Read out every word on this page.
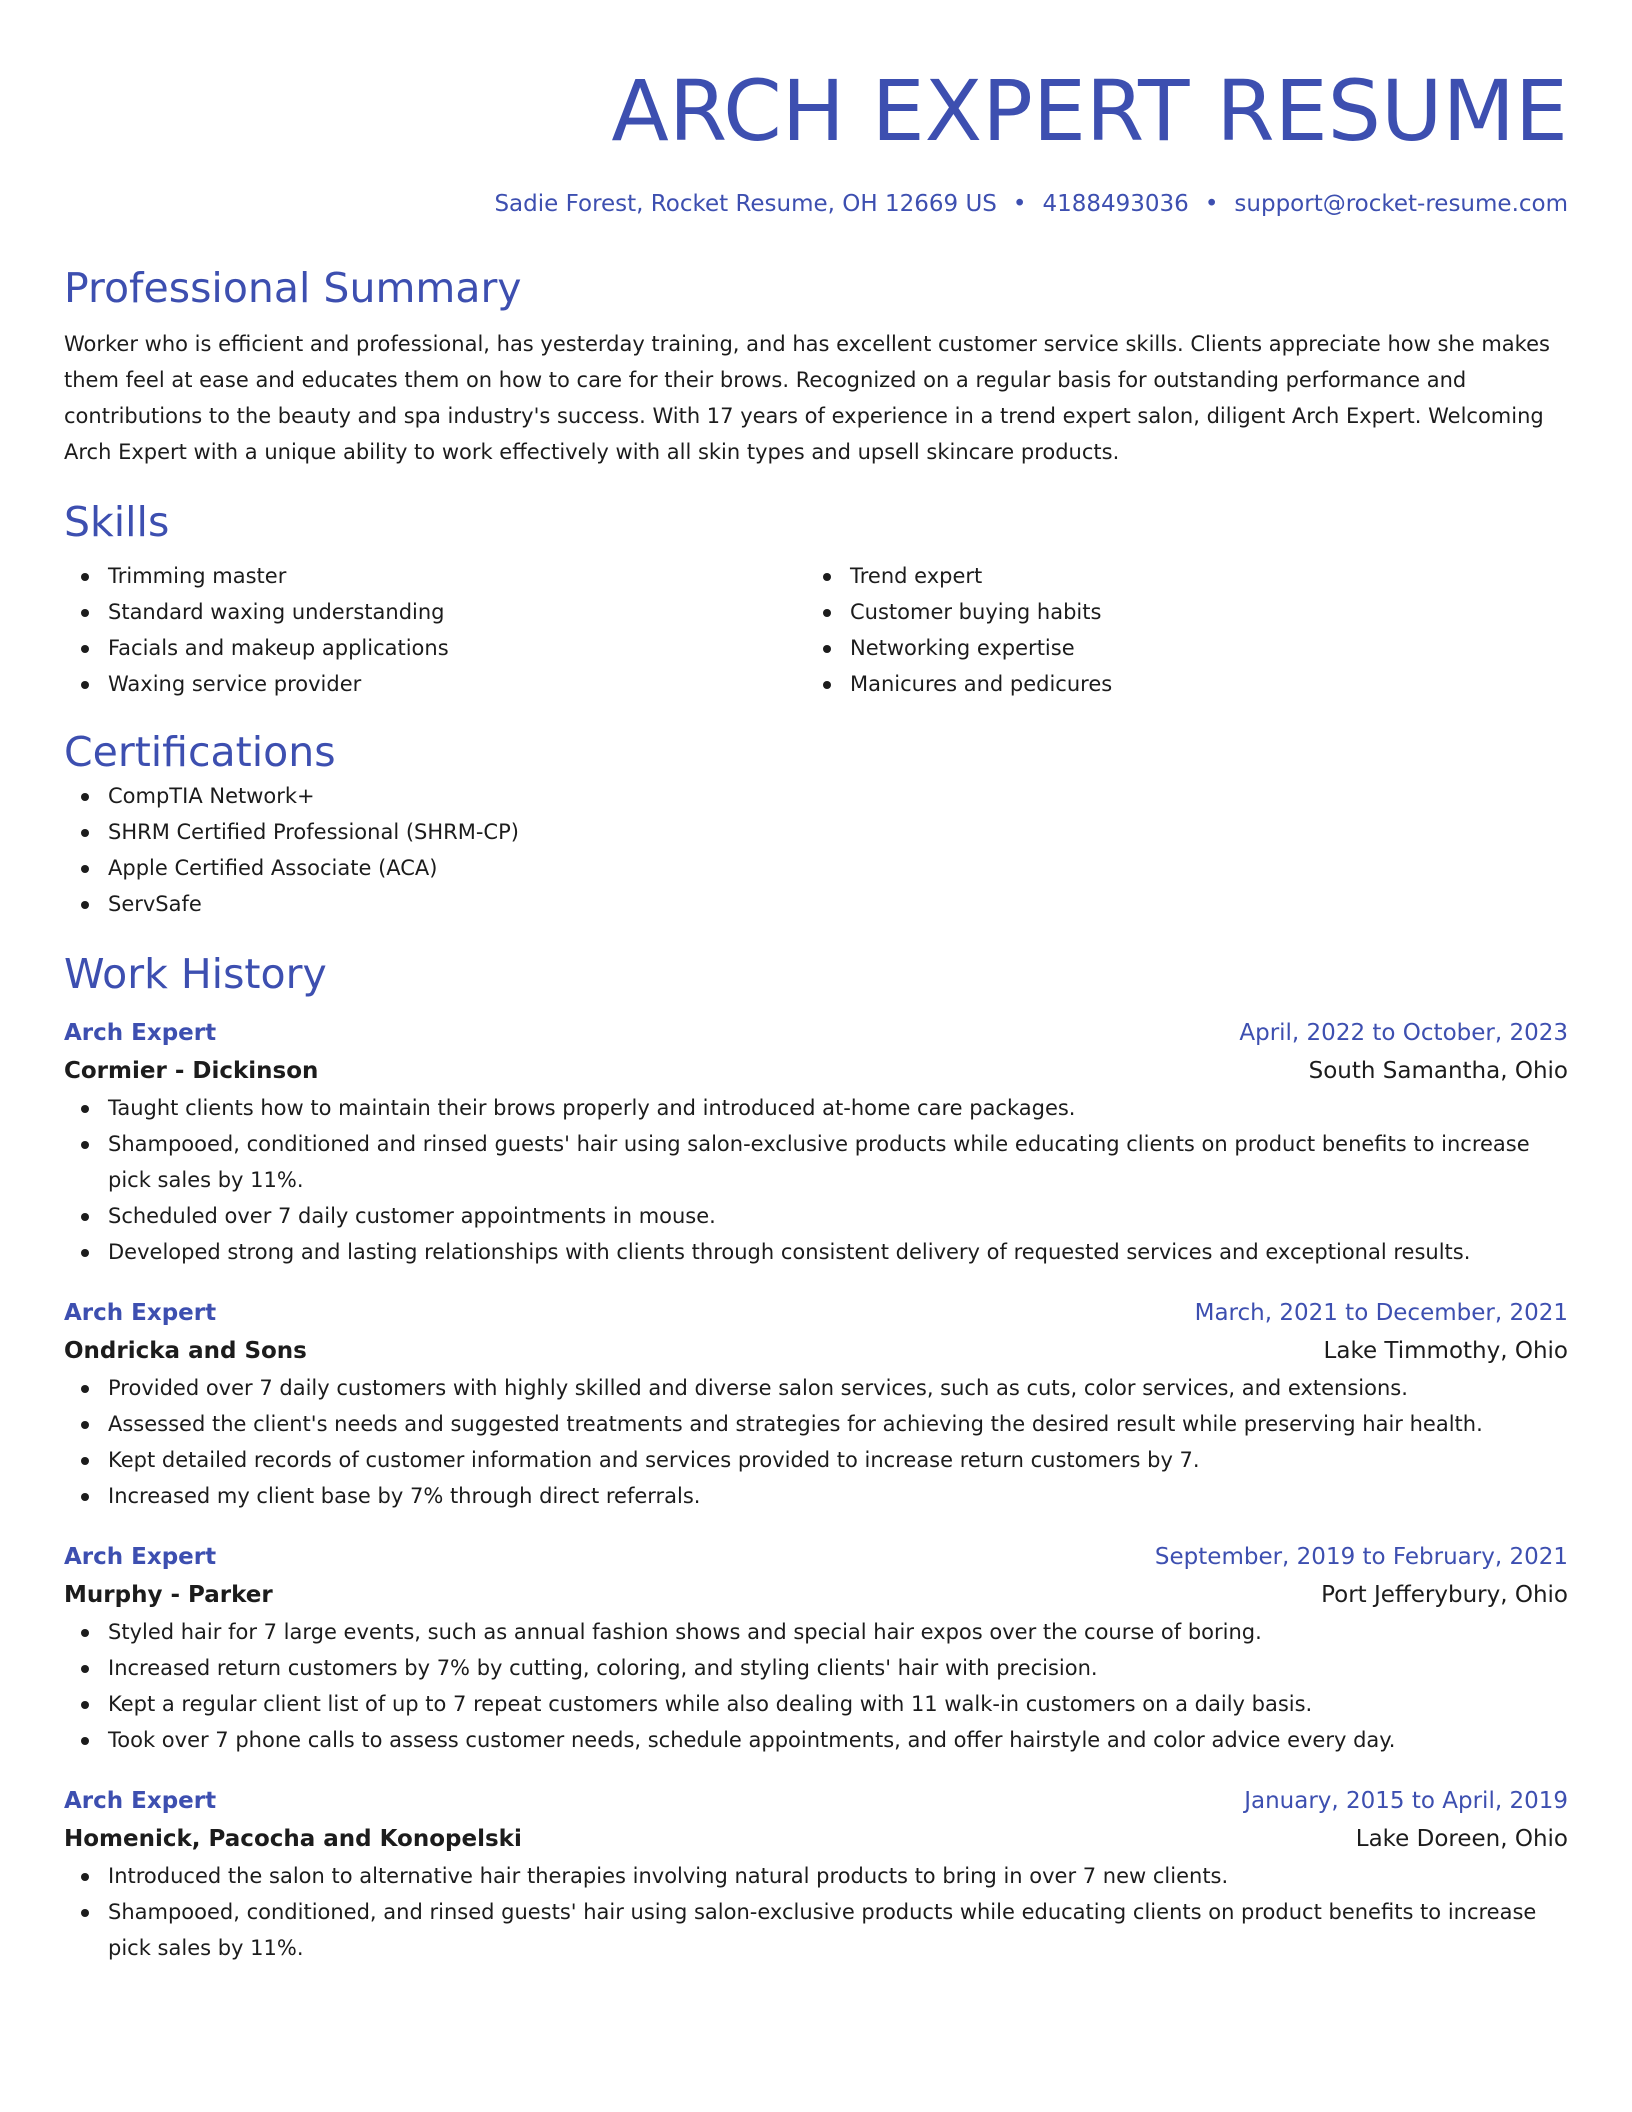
ARCH EXPERT RESUME
Sadie Forest, Rocket Resume, OH 12669 US • 4188493036 • support@rocket-resume.com
Professional Summary

Worker who is efficient and professional, has yesterday training, and has excellent customer service skills. Clients appreciate how she makes them feel at ease and educates them on how to care for their brows. Recognized on a regular basis for outstanding performance and contributions to the beauty and spa industry's success. With 17 years of experience in a trend expert salon, diligent Arch Expert. Welcoming Arch Expert with a unique ability to work effectively with all skin types and upsell skincare products.

Skills
Trimming master
Standard waxing understanding
Facials and makeup applications
Waxing service provider
Trend expert
Customer buying habits
Networking expertise
Manicures and pedicures
Certifications
CompTIA Network+
SHRM Certified Professional (SHRM-CP)
Apple Certified Associate (ACA)
ServSafe
Work History
Arch Expert	April, 2022 to October, 2023
Cormier - Dickinson	South Samantha, Ohio
Taught clients how to maintain their brows properly and introduced at-home care packages.
Shampooed, conditioned and rinsed guests' hair using salon-exclusive products while educating clients on product benefits to increase pick sales by 11%.
Scheduled over 7 daily customer appointments in mouse.
Developed strong and lasting relationships with clients through consistent delivery of requested services and exceptional results.
Arch Expert	March, 2021 to December, 2021
Ondricka and Sons	Lake Timmothy, Ohio
Provided over 7 daily customers with highly skilled and diverse salon services, such as cuts, color services, and extensions.
Assessed the client's needs and suggested treatments and strategies for achieving the desired result while preserving hair health.
Kept detailed records of customer information and services provided to increase return customers by 7.
Increased my client base by 7% through direct referrals.
Arch Expert	September, 2019 to February, 2021
Murphy - Parker	Port Jefferybury, Ohio
Styled hair for 7 large events, such as annual fashion shows and special hair expos over the course of boring.
Increased return customers by 7% by cutting, coloring, and styling clients' hair with precision.
Kept a regular client list of up to 7 repeat customers while also dealing with 11 walk-in customers on a daily basis.
Took over 7 phone calls to assess customer needs, schedule appointments, and offer hairstyle and color advice every day.
Arch Expert	January, 2015 to April, 2019
Homenick, Pacocha and Konopelski	Lake Doreen, Ohio
Introduced the salon to alternative hair therapies involving natural products to bring in over 7 new clients.
Shampooed, conditioned, and rinsed guests' hair using salon-exclusive products while educating clients on product benefits to increase pick sales by 11%.
